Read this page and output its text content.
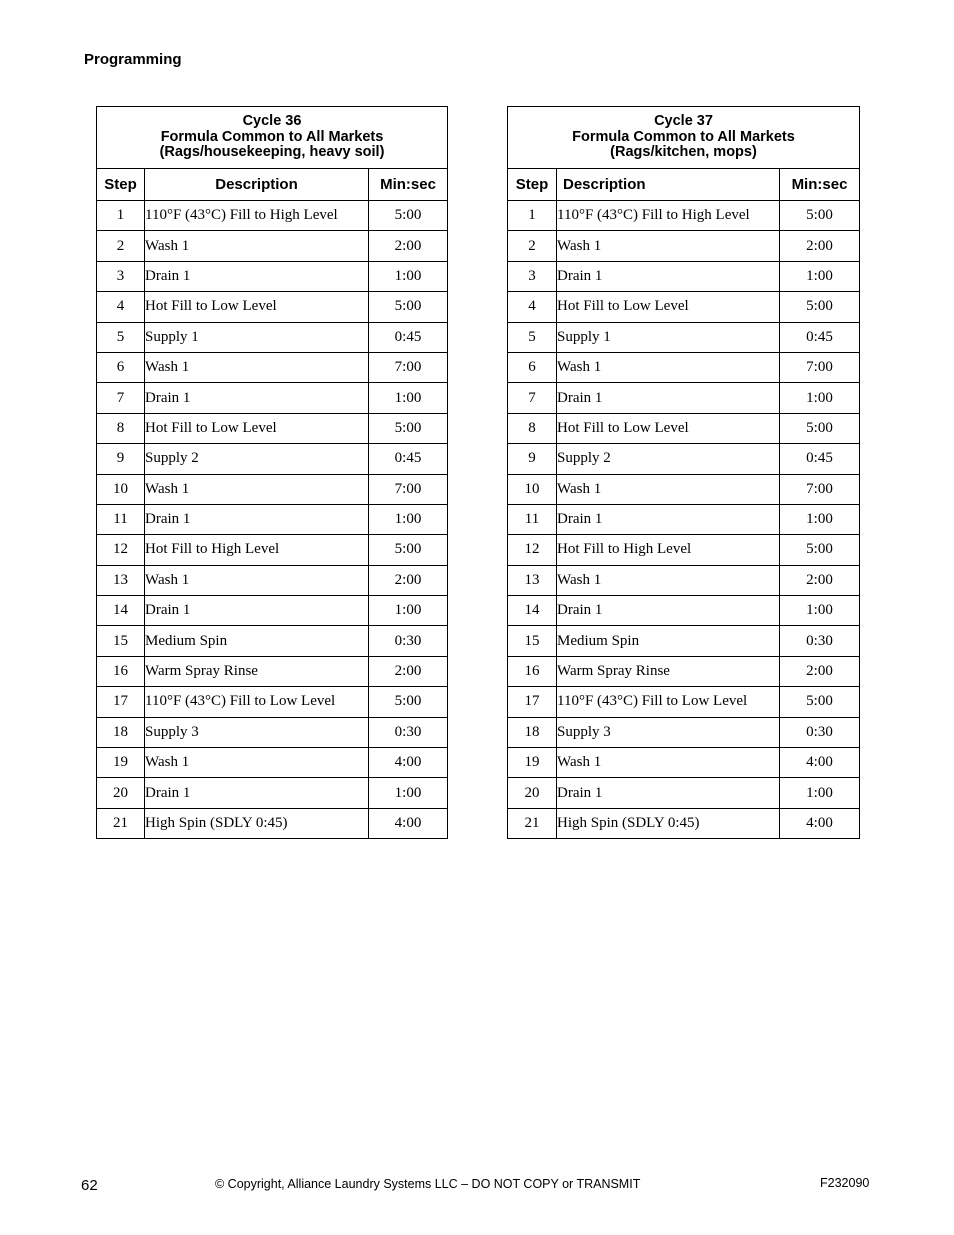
Programming
Cycle 36
Formula Common to All Markets
(Rags/housekeeping, heavy soil)		

Step	Description	Min:sec
1	110°F (43°C) Fill to High Level	5:00
2	Wash 1	2:00
3	Drain 1	1:00
4	Hot Fill to Low Level	5:00
5	Supply 1	0:45
6	Wash 1	7:00
7	Drain 1	1:00
8	Hot Fill to Low Level	5:00
9	Supply 2	0:45
10	Wash 1	7:00
11	Drain 1	1:00
12	Hot Fill to High Level	5:00
13	Wash 1	2:00
14	Drain 1	1:00
15	Medium Spin	0:30
16	Warm Spray Rinse	2:00
17	110°F (43°C) Fill to Low Level	5:00
18	Supply 3	0:30
19	Wash 1	4:00
20	Drain 1	1:00
21	High Spin (SDLY 0:45)	4:00
Cycle 37
Formula Common to All Markets
(Rags/kitchen, mops)		

Step	Description	Min:sec
1	110°F (43°C) Fill to High Level	5:00
2	Wash 1	2:00
3	Drain 1	1:00
4	Hot Fill to Low Level	5:00
5	Supply 1	0:45
6	Wash 1	7:00
7	Drain 1	1:00
8	Hot Fill to Low Level	5:00
9	Supply 2	0:45
10	Wash 1	7:00
11	Drain 1	1:00
12	Hot Fill to High Level	5:00
13	Wash 1	2:00
14	Drain 1	1:00
15	Medium Spin	0:30
16	Warm Spray Rinse	2:00
17	110°F (43°C) Fill to Low Level	5:00
18	Supply 3	0:30
19	Wash 1	4:00
20	Drain 1	1:00
21	High Spin (SDLY 0:45)	4:00
62	© Copyright, Alliance Laundry Systems LLC – DO NOT COPY or TRANSMIT	F232090
